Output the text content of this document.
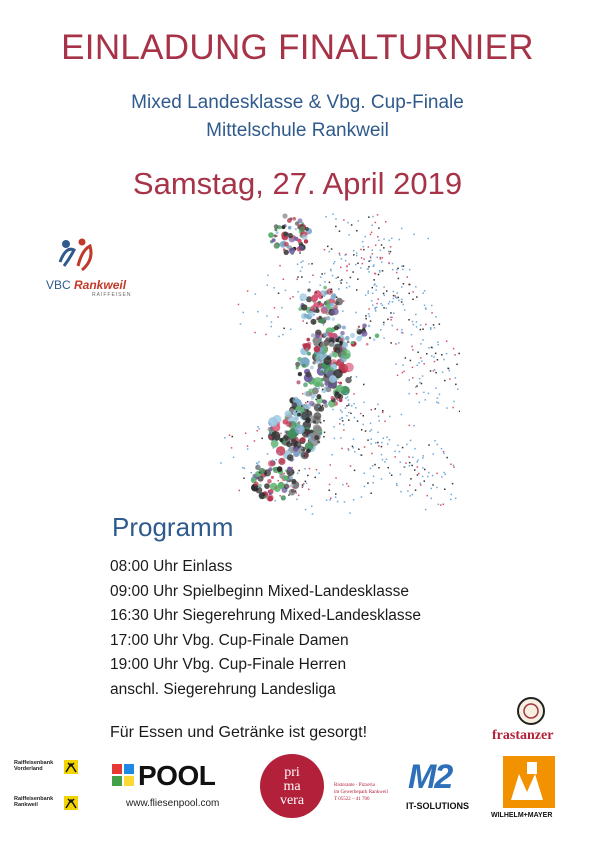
EINLADUNG FINALTURNIER
Mixed Landesklasse & Vbg. Cup-Finale
Mittelschule Rankweil
Samstag, 27. April 2019
VBC Rankweil
RAIFFEISEN
Programm
08:00 Uhr Einlass
09:00 Uhr Spielbeginn Mixed-Landesklasse
16:30 Uhr Siegerehrung Mixed-Landesklasse
17:00 Uhr Vbg. Cup-Finale Damen
19:00 Uhr Vbg. Cup-Finale Herren
anschl. Siegerehrung Landesliga
Für Essen und Getränke ist gesorgt!
Raiffeisenbank
Vorderland
Raiffeisenbank
Rankweil
POOL
www.fliesenpool.com
pri
ma
vera
Ristorante · Pizzeria
im Gewerbepark Rankweil
T 05522 – 41 700
M2
IT-SOLUTIONS
WILHELM+MAYER
frastanzer
